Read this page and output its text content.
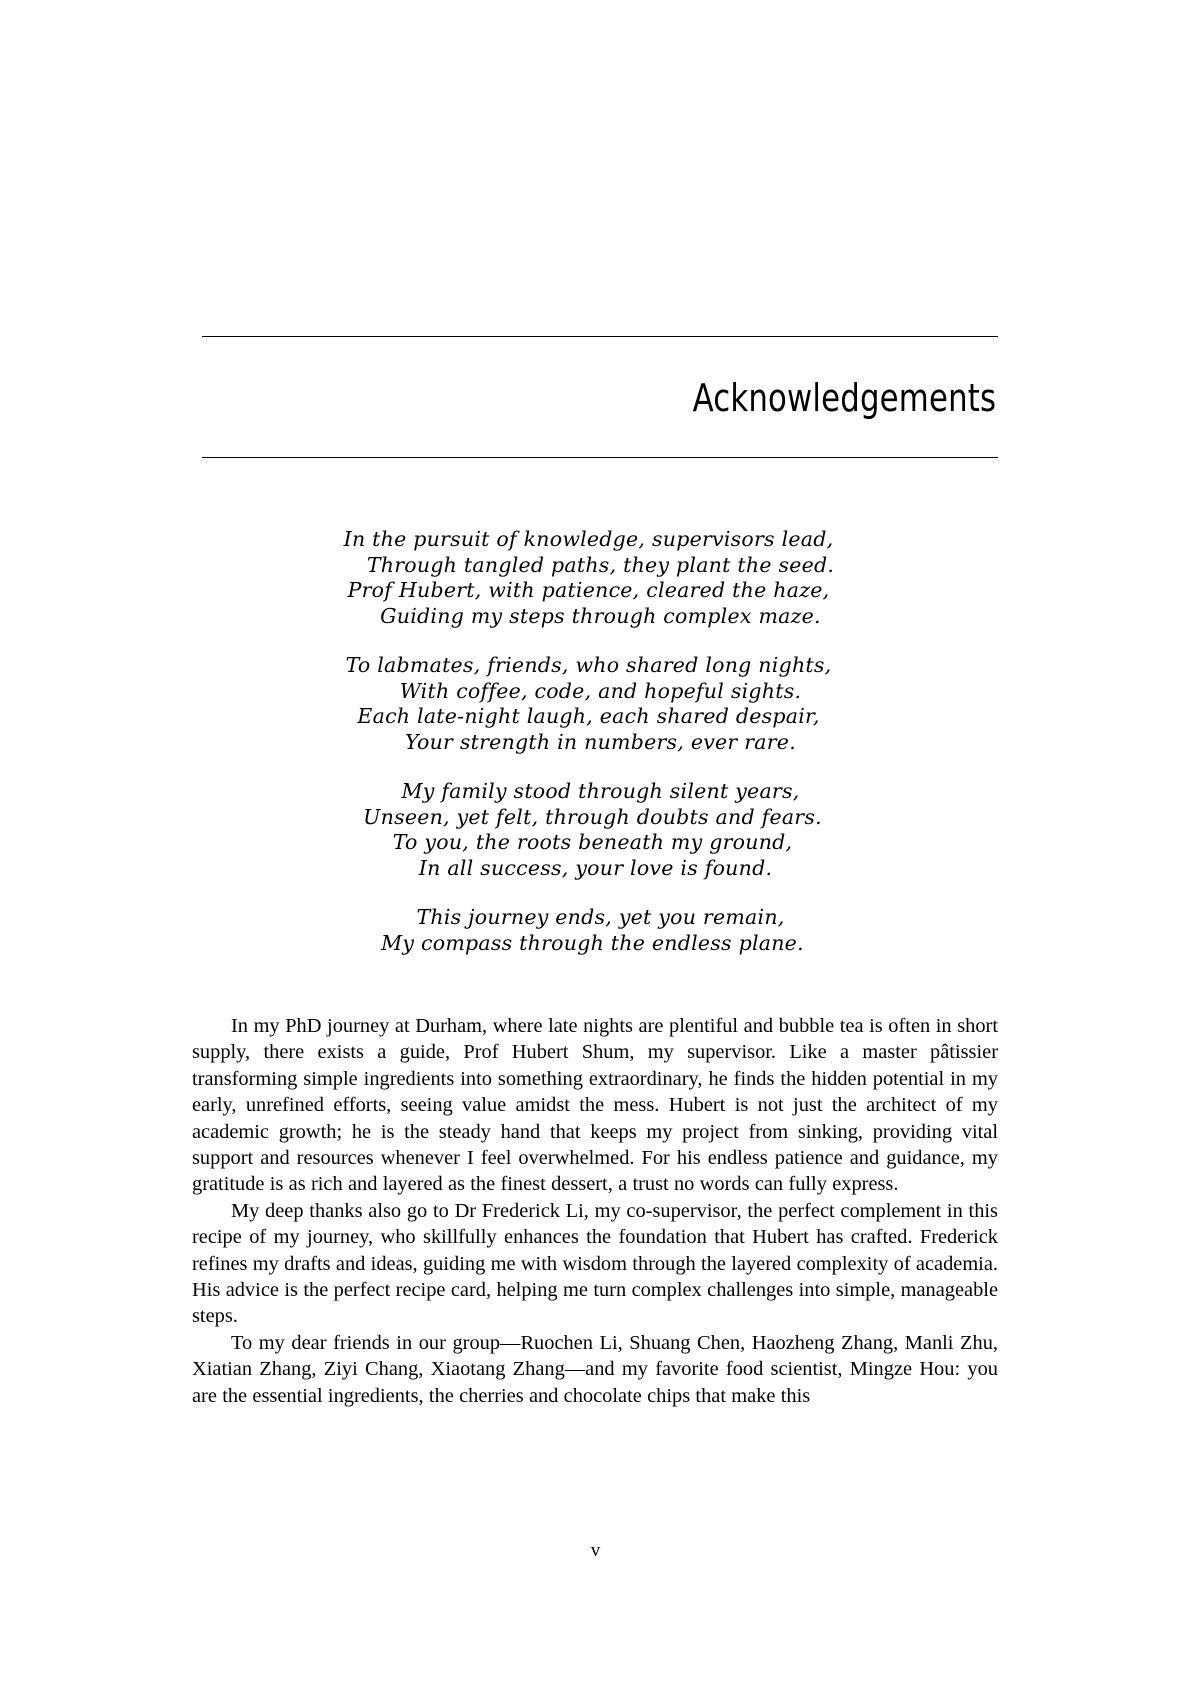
Acknowledgements
In the pursuit of knowledge, supervisors lead,
Through tangled paths, they plant the seed.
Prof Hubert, with patience, cleared the haze,
Guiding my steps through complex maze.
To labmates, friends, who shared long nights,
With coffee, code, and hopeful sights.
Each late-night laugh, each shared despair,
Your strength in numbers, ever rare.
My family stood through silent years,
Unseen, yet felt, through doubts and fears.
To you, the roots beneath my ground,
In all success, your love is found.
This journey ends, yet you remain,
My compass through the endless plane.

In my PhD journey at Durham, where late nights are plentiful and bubble tea is often in short supply, there exists a guide, Prof Hubert Shum, my supervisor. Like a master pâtissier transforming simple ingredients into something extraordinary, he finds the hidden potential in my early, unrefined efforts, seeing value amidst the mess. Hubert is not just the architect of my academic growth; he is the steady hand that keeps my project from sinking, providing vital support and resources whenever I feel overwhelmed. For his endless patience and guidance, my gratitude is as rich and layered as the finest dessert, a trust no words can fully express.

My deep thanks also go to Dr Frederick Li, my co-supervisor, the perfect complement in this recipe of my journey, who skillfully enhances the foundation that Hubert has crafted. Frederick refines my drafts and ideas, guiding me with wisdom through the layered complexity of academia. His advice is the perfect recipe card, helping me turn complex challenges into simple, manageable steps.

To my dear friends in our group—Ruochen Li, Shuang Chen, Haozheng Zhang, Manli Zhu, Xiatian Zhang, Ziyi Chang, Xiaotang Zhang—and my favorite food scientist, Mingze Hou: you are the essential ingredients, the cherries and chocolate chips that make this

v
